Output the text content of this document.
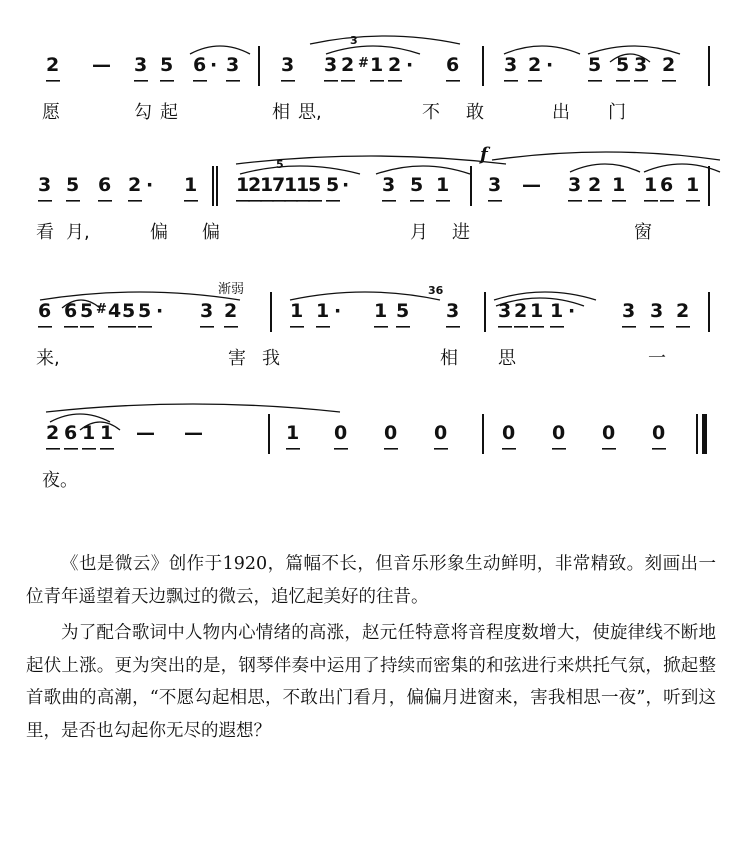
2 — 3 5 6 · 3 3 3 2 # 1 2 · 6 3 2 · 5 5 3 2
愿	勾 起	相 思,	不 敢	出 门
3 5 6 2 · 1 1
2
1
7
1
1
5 5 · 3 5 1 3 — 3 2 1 1 6 1
看 月,	偏 偏	月 进	窗
6 6 5 # 4 5 5 · 3 2	1 1 · 1 5 3 3 2 1 1 · 3 3 2
来,	害 我	相 思	一
2 6 1 1 — —	1 0 0 0	0 0 0 0
夜。
3
5
36
f
渐弱

《也是微云》创作于1920，篇幅不长，但音乐形象生动鲜明，非常精致。刻画出一位青年遥望着天边飘过的微云，追忆起美好的往昔。

为了配合歌词中人物内心情绪的高涨，赵元任特意将音程度数增大，使旋律线不断地起伏上涨。更为突出的是，钢琴伴奏中运用了持续而密集的和弦进行来烘托气氛，掀起整首歌曲的高潮，“不愿勾起相思，不敢出门看月，偏偏月进窗来，害我相思一夜”，听到这里，是否也勾起你无尽的遐想？
